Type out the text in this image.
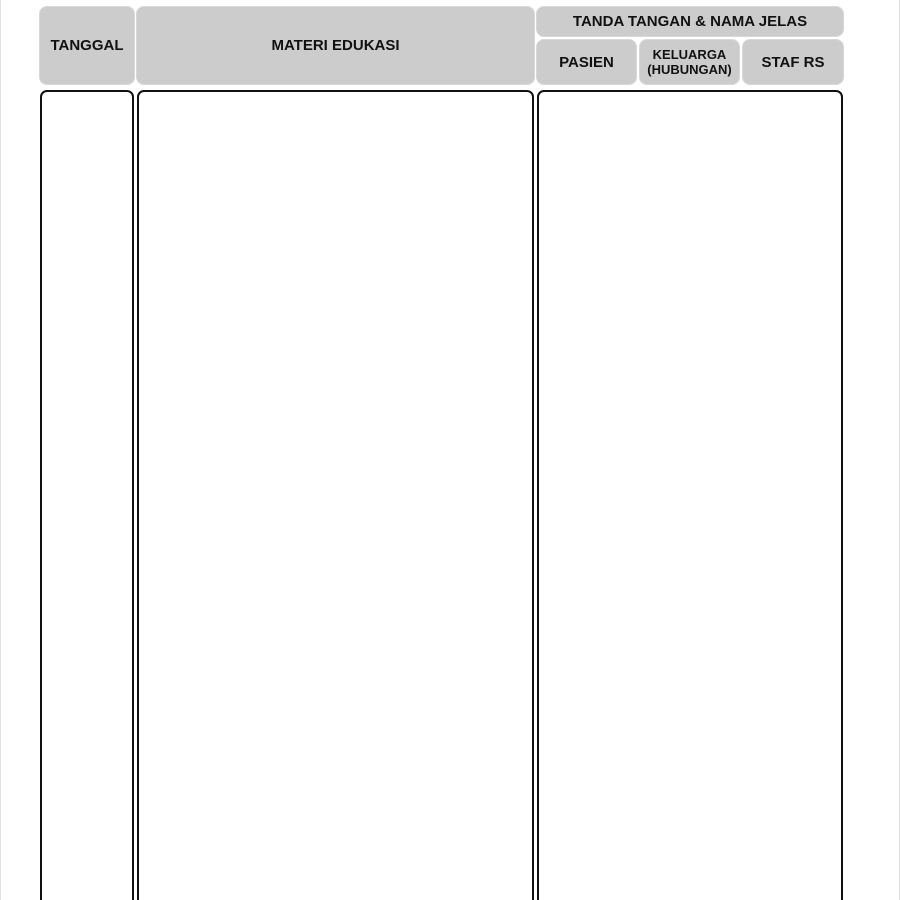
TANGGAL	MATERI EDUKASI
TANDA TANGAN & NAMA JELAS
PASIEN	KELUARGA
(HUBUNGAN) STAF RS
